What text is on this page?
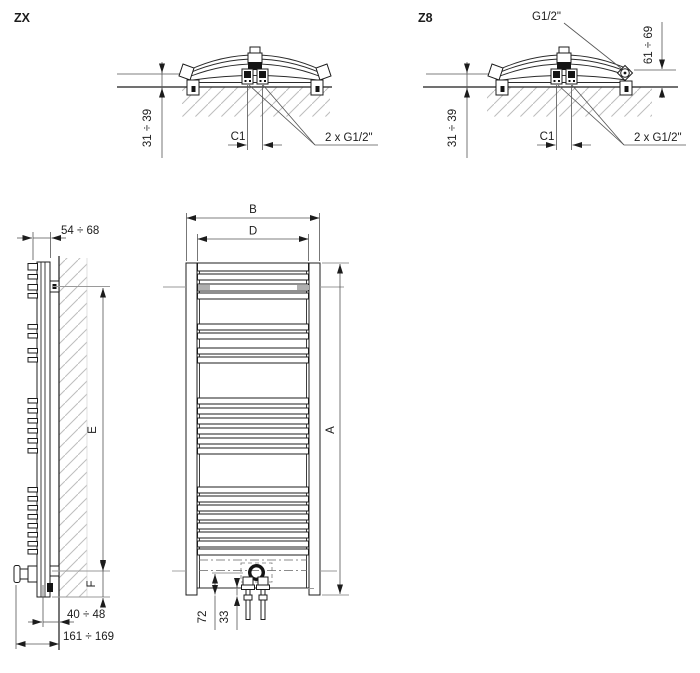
ZX
31 ÷ 39	C1	2 x G1/2"
Z8	G1/2"
61 ÷ 69
31 ÷ 39	C1	2 x G1/2"
54 ÷ 68
E
F
40 ÷ 48
161 ÷ 169
B
D
A
72 33
